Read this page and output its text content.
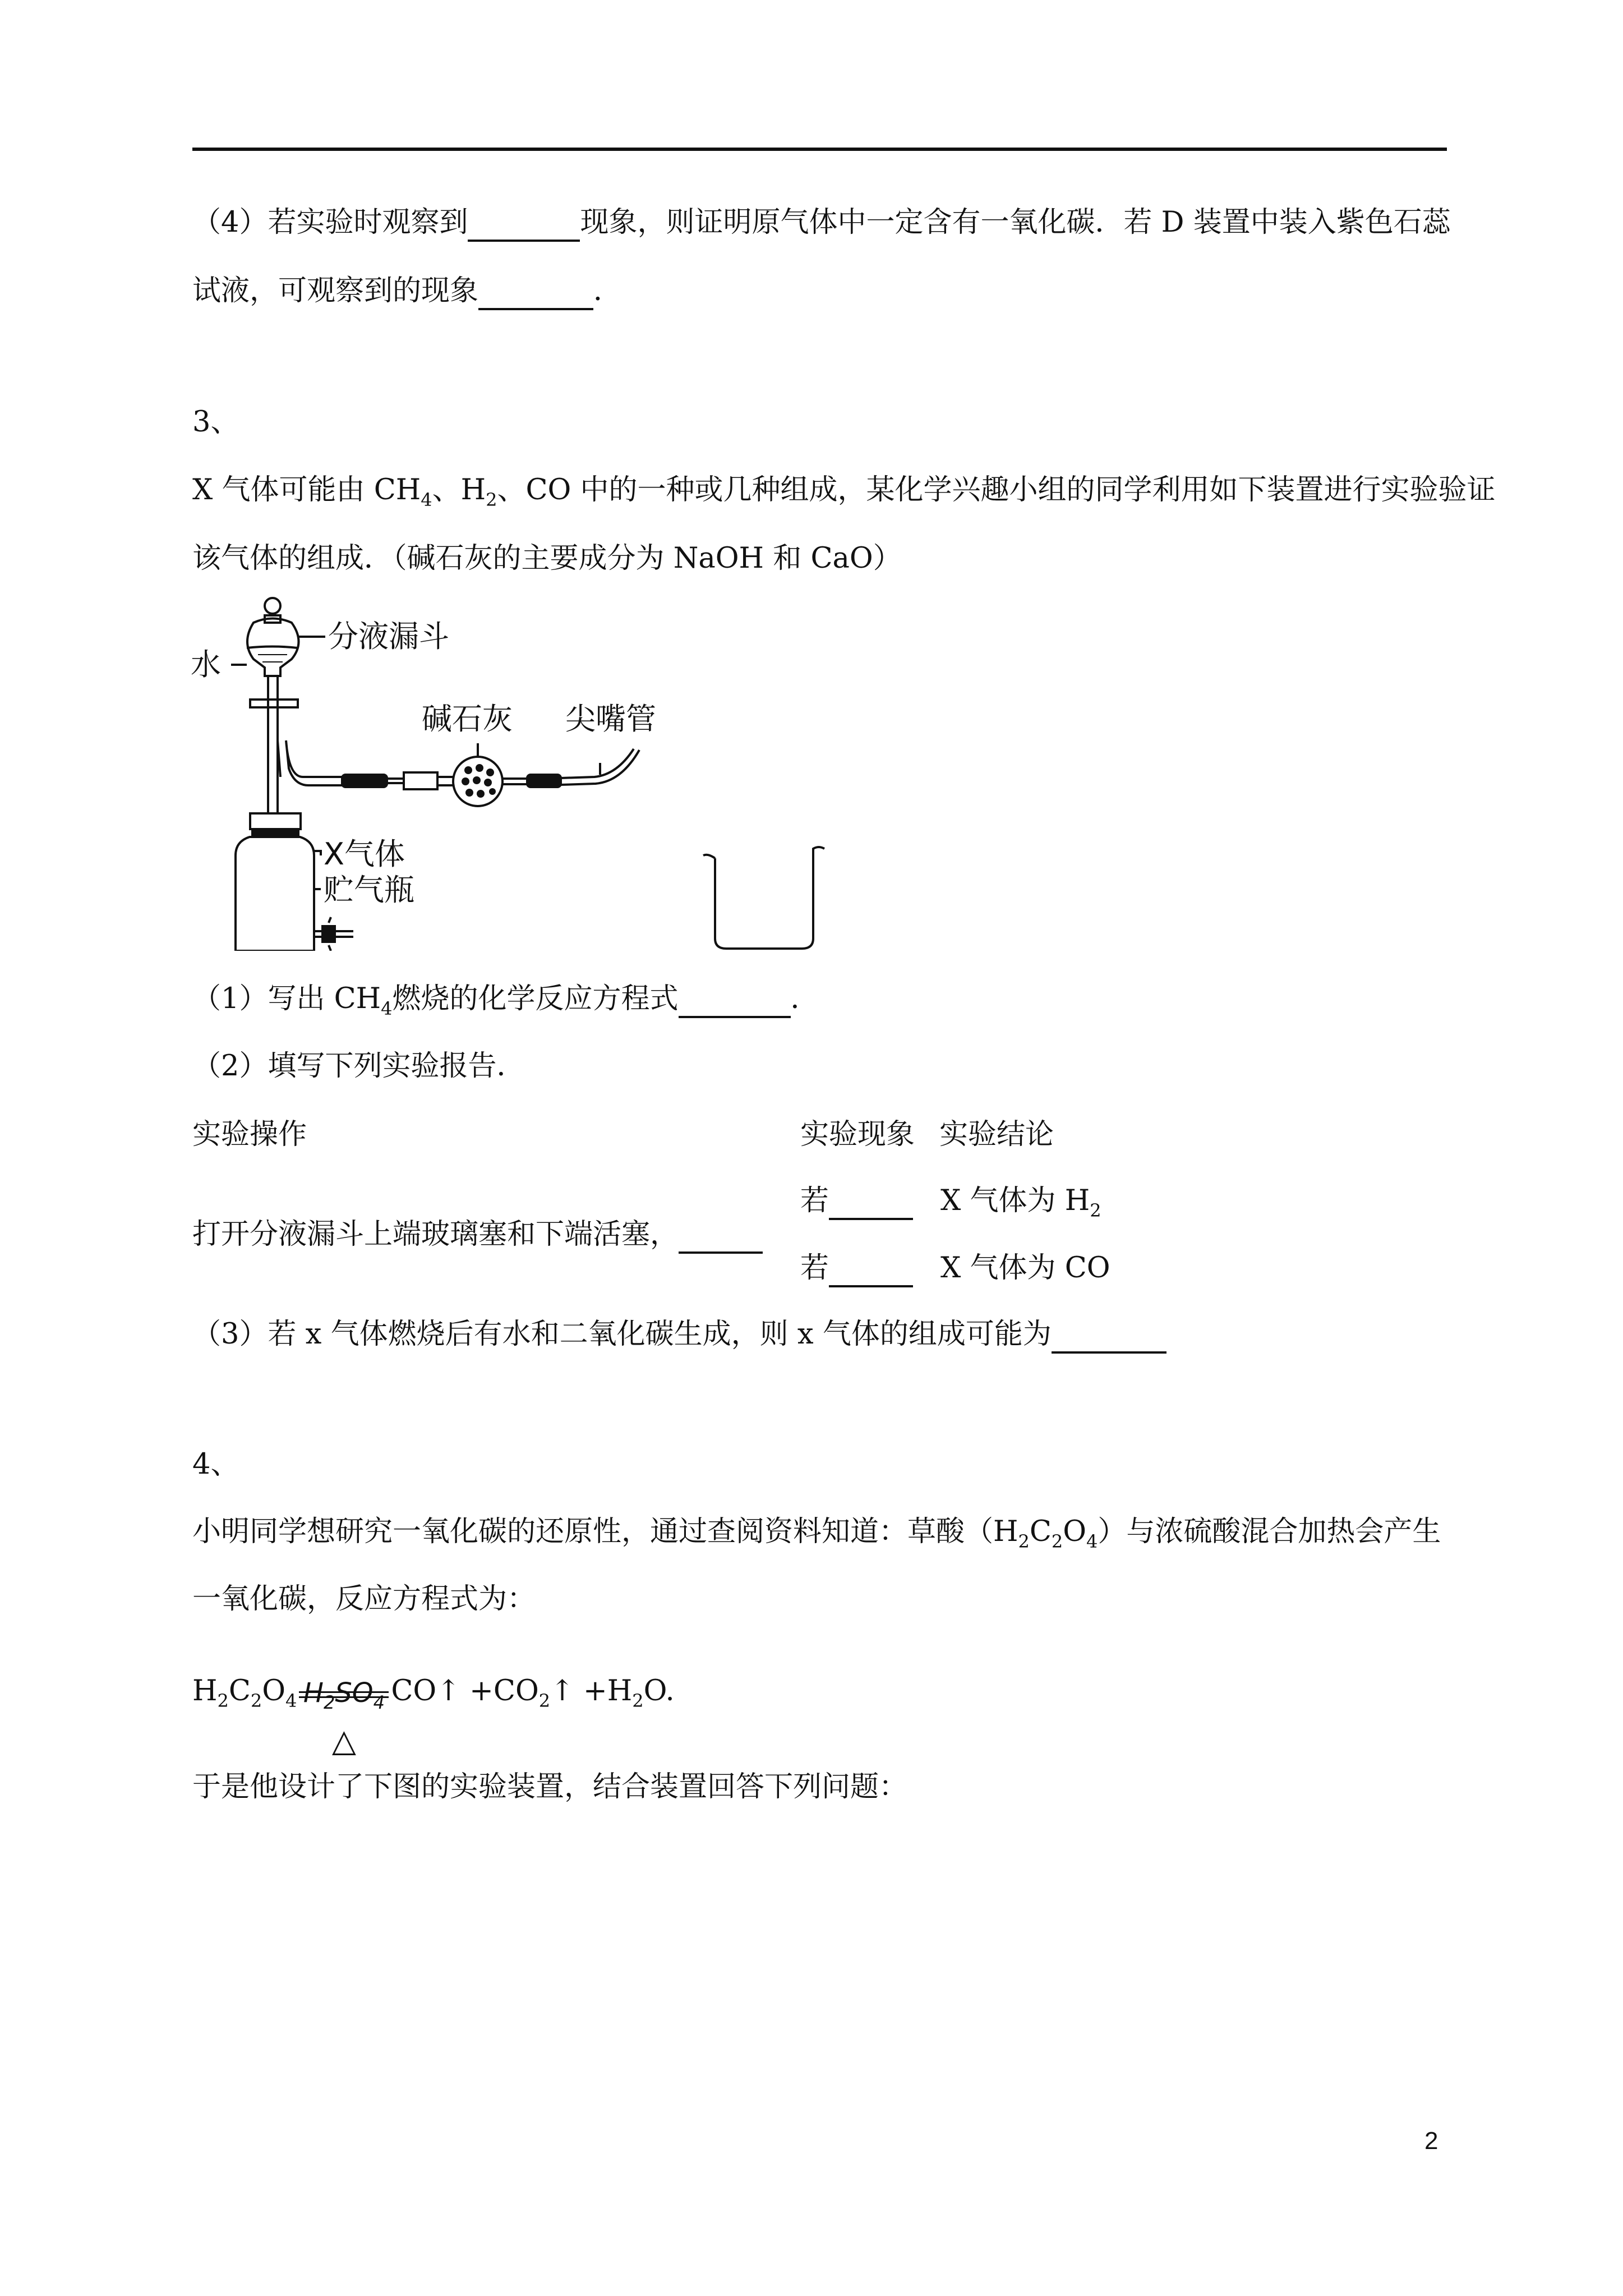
（4）若实验时观察到	现象，则证明原气体中一定含有一氧化碳．若 D 装置中装入紫色石蕊
试液，可观察到的现象	．
3、
X 气体可能由 $CH_4$、$H_2$、CO 中的一种或几种组成，某化学兴趣小组的同学利用如下装置进行实验验证
该气体的组成．（碱石灰的主要成分为 NaOH 和 CaO）
分液漏斗
水
碱石灰 尖嘴管
X气体
贮气瓶
（1）写出 $CH_4$燃烧的化学反应方程式	．
（2）填写下列实验报告．
实验操作	实验现象 实验结论
若	X 气体为 $H_2$
打开分液漏斗上端玻璃塞和下端活塞，
若	X 气体为 CO
（3）若 x 气体燃烧后有水和二氧化碳生成，则 x 气体的组成可能为
4、
小明同学想研究一氧化碳的还原性，通过查阅资料知道：草酸$(H_2C_2O_4)$与浓硫酸混合加热会产生
一氧化碳，反应方程式为：
$H_2C_2O_4$ $H_2SO_4$
△
CO↑ $+CO_2↑ +H_2O$.
于是他设计了下图的实验装置，结合装置回答下列问题：
2
